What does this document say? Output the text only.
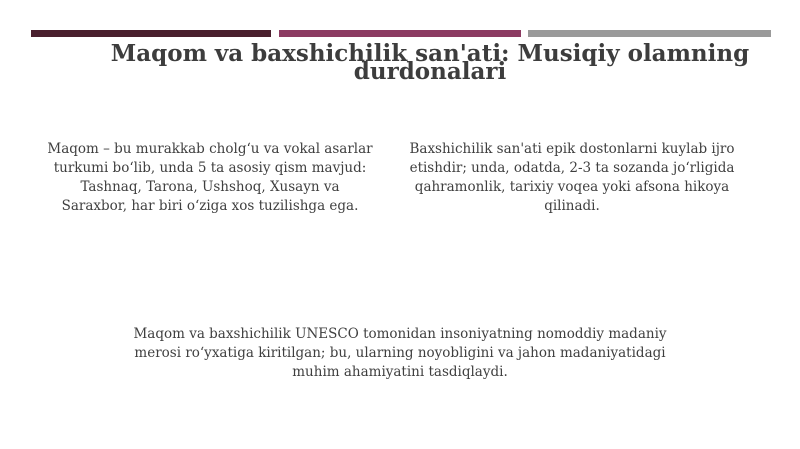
Maqom va baxshichilik san'ati: Musiqiy olamning durdonalari

Maqom – bu murakkab cholg‘u va vokal asarlar turkumi bo‘lib, unda 5 ta asosiy qism mavjud: Tashnaq, Tarona, Ushshoq, Xusayn va Saraxbor, har biri o‘ziga xos tuzilishga ega.

Baxshichilik san'ati epik dostonlarni kuylab ijro etishdir; unda, odatda, 2-3 ta sozanda jo‘rligida qahramonlik, tarixiy voqea yoki afsona hikoya qilinadi.

Maqom va baxshichilik UNESCO tomonidan insoniyatning nomoddiy madaniy merosi ro‘yxatiga kiritilgan; bu, ularning noyobligini va jahon madaniyatidagi muhim ahamiyatini tasdiqlaydi.
